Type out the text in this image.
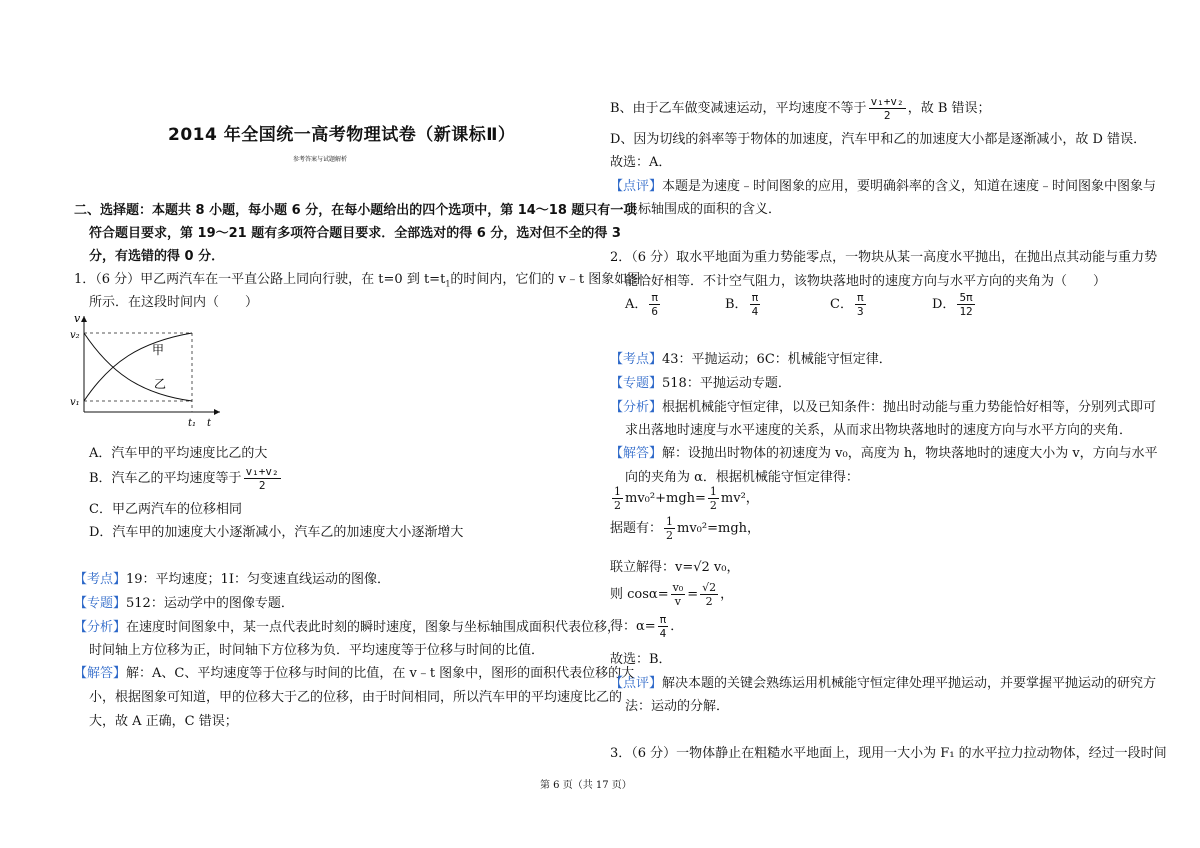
2014 年全国统一高考物理试卷（新课标Ⅱ）
参考答案与试题解析
二、选择题：本题共 8 小题，每小题 6 分，在每小题给出的四个选项中，第 14～18 题只有一项
符合题目要求，第 19～21 题有多项符合题目要求．全部选对的得 6 分，选对但不全的得 3
分，有选错的得 0 分．
1．（6 分）甲乙两汽车在一平直公路上同向行驶，在 t=0 到 $t=t_1$的时间内，它们的 v﹣t 图象如图
所示．在这段时间内（　　）
v
v₂
v₁
t₁ t
甲
乙
A．汽车甲的平均速度比乙的大
B．汽车乙的平均速度等于 $\frac{\text{v₁+v₂}}{2}$
C．甲乙两汽车的位移相同
D．汽车甲的加速度大小逐渐减小，汽车乙的加速度大小逐渐增大
【考点】19：平均速度；1I：匀变速直线运动的图像．
【专题】512：运动学中的图像专题．
【分析】在速度时间图象中，某一点代表此时刻的瞬时速度，图象与坐标轴围成面积代表位移，
时间轴上方位移为正，时间轴下方位移为负．平均速度等于位移与时间的比值．
【解答】解：A、C、平均速度等于位移与时间的比值，在 v﹣t 图象中，图形的面积代表位移的大
小，根据图象可知道，甲的位移大于乙的位移，由于时间相同，所以汽车甲的平均速度比乙的
大，故 A 正确，C 错误；
B、由于乙车做变减速运动，平均速度不等于 $\frac{\text{v₁+v₂}}{2}$ ，故 B 错误；
D、因为切线的斜率等于物体的加速度，汽车甲和乙的加速度大小都是逐渐减小，故 D 错误．
故选：A．
【点评】本题是为速度﹣时间图象的应用，要明确斜率的含义，知道在速度﹣时间图象中图象与
坐标轴围成的面积的含义．
2．（6 分）取水平地面为重力势能零点，一物块从某一高度水平抛出，在抛出点其动能与重力势
能恰好相等．不计空气阻力，该物块落地时的速度方向与水平方向的夹角为（　　）
A． $\frac{\pi}{6}$	B． $\frac{\pi}{4}$	C． $\frac{\pi}{3}$	D． $\frac{5\pi}{12}$
【考点】43：平抛运动；6C：机械能守恒定律．
【专题】518：平抛运动专题．
【分析】根据机械能守恒定律，以及已知条件：抛出时动能与重力势能恰好相等，分别列式即可
求出落地时速度与水平速度的关系，从而求出物块落地时的速度方向与水平方向的夹角．
【解答】解：设抛出时物体的初速度为 v₀，高度为 h，物块落地时的速度大小为 v，方向与水平
向的夹角为 α．根据机械能守恒定律得：
$\frac{1}{2} mv_0^2+mgh= \frac{1}{2} mv^2$，
据题有： $\frac{1}{2} mv_0^2=mgh$，
联立解得：v=√2 v₀，
则 $\cos\alpha= \frac{\text{v₀}}{v} = \frac{√2}{2}$ ，
得：$\alpha= \frac{\pi}{4}$ ．
故选：B．
【点评】解决本题的关键会熟练运用机械能守恒定律处理平抛运动，并要掌握平抛运动的研究方
法：运动的分解．
3．（6 分）一物体静止在粗糙水平地面上，现用一大小为 F₁ 的水平拉力拉动物体，经过一段时间
第 6 页（共 17 页）
